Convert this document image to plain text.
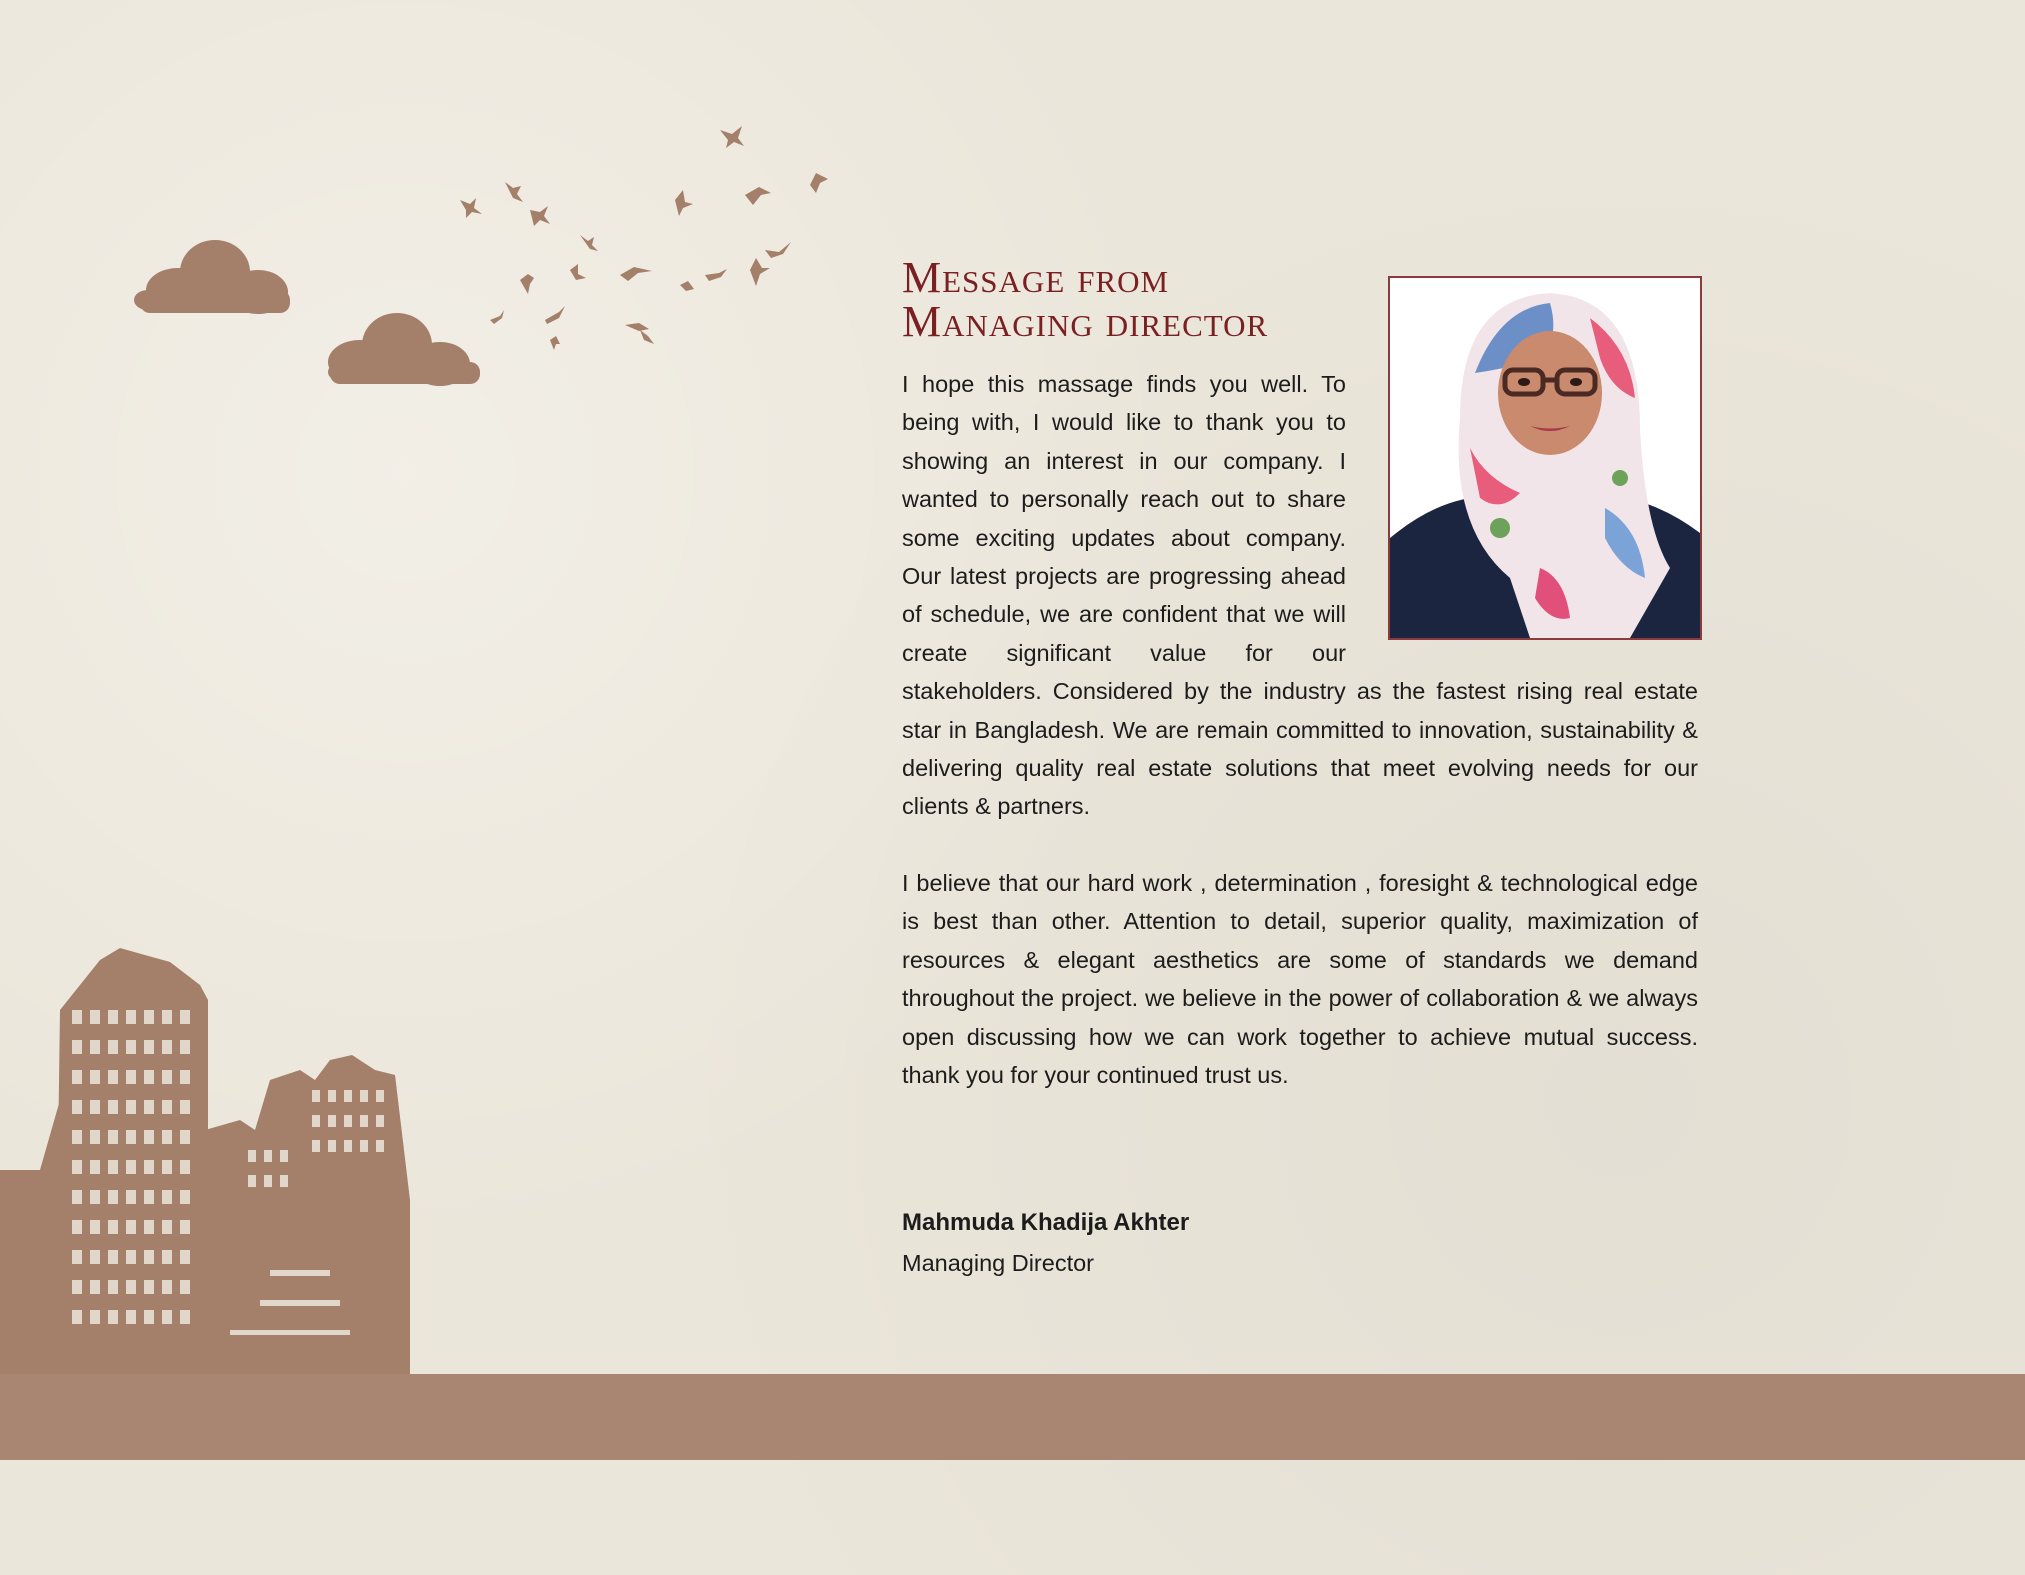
Message from
Managing director

I hope this massage finds you well. To being with, I would like to thank you to showing an interest in our company. I wanted to personally reach out to share some exciting updates about company. Our latest projects are progressing ahead of schedule, we are confident that we will create significant value for our stakeholders. Considered by the industry as the fastest rising real estate star in Bangladesh. We are remain committed to innovation, sustainability & delivering quality real estate solutions that meet evolving needs for our clients & partners.

I believe that our hard work , determination , foresight & technological edge is best than other. Attention to detail, superior quality, maximization of resources & elegant aesthetics are some of standards we demand throughout the project. we believe in the power of collaboration & we always open discussing how we can work together to achieve mutual success. thank you for your continued trust us.

Mahmuda Khadija Akhter
Managing Director
